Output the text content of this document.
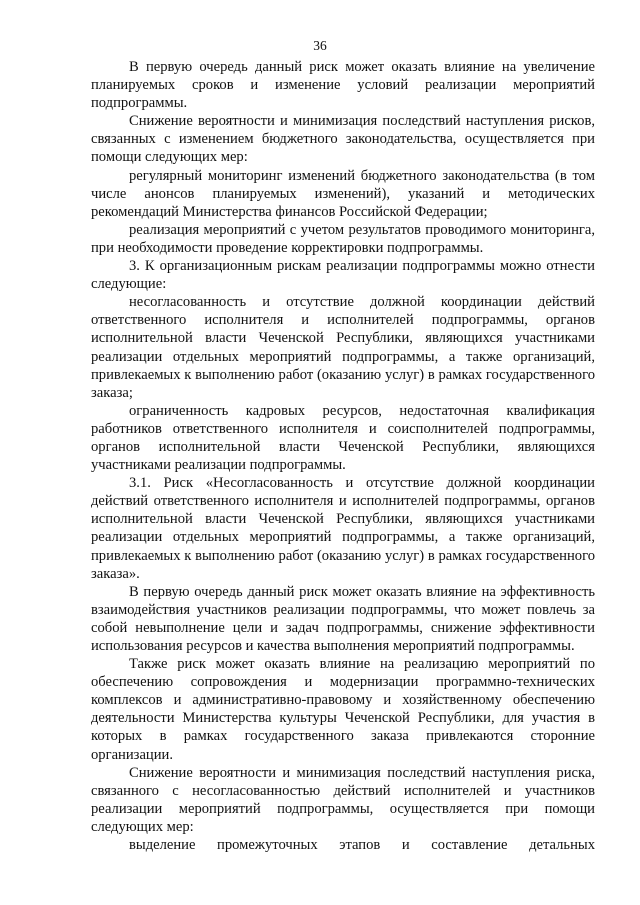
36

В первую очередь данный риск может оказать влияние на увеличение планируемых сроков и изменение условий реализации мероприятий подпрограммы.

Снижение вероятности и минимизация последствий наступления рисков, связанных с изменением бюджетного законодательства, осуществляется при помощи следующих мер:

регулярный мониторинг изменений бюджетного законодательства (в том числе анонсов планируемых изменений), указаний и методических рекомендаций Министерства финансов Российской Федерации;

реализация мероприятий с учетом результатов проводимого мониторинга, при необходимости проведение корректировки подпрограммы.

3. К организационным рискам реализации подпрограммы можно отнести следующие:

несогласованность и отсутствие должной координации действий ответственного исполнителя и исполнителей подпрограммы, органов исполнительной власти Чеченской Республики, являющихся участниками реализации отдельных мероприятий подпрограммы, а также организаций, привлекаемых к выполнению работ (оказанию услуг) в рамках государственного заказа;

ограниченность кадровых ресурсов, недостаточная квалификация работников ответственного исполнителя и соисполнителей подпрограммы, органов исполнительной власти Чеченской Республики, являющихся участниками реализации подпрограммы.

3.1. Риск «Несогласованность и отсутствие должной координации действий ответственного исполнителя и исполнителей подпрограммы, органов исполнительной власти Чеченской Республики, являющихся участниками реализации отдельных мероприятий подпрограммы, а также организаций, привлекаемых к выполнению работ (оказанию услуг) в рамках государственного заказа».

В первую очередь данный риск может оказать влияние на эффективность взаимодействия участников реализации подпрограммы, что может повлечь за собой невыполнение цели и задач подпрограммы, снижение эффективности использования ресурсов и качества выполнения мероприятий подпрограммы.

Также риск может оказать влияние на реализацию мероприятий по обеспечению сопровождения и модернизации программно-технических комплексов и административно-правовому и хозяйственному обеспечению деятельности Министерства культуры Чеченской Республики, для участия в которых в рамках государственного заказа привлекаются сторонние организации.

Снижение вероятности и минимизация последствий наступления риска, связанного с несогласованностью действий исполнителей и участников реализации мероприятий подпрограммы, осуществляется при помощи следующих мер:

выделение промежуточных этапов и составление детальных
